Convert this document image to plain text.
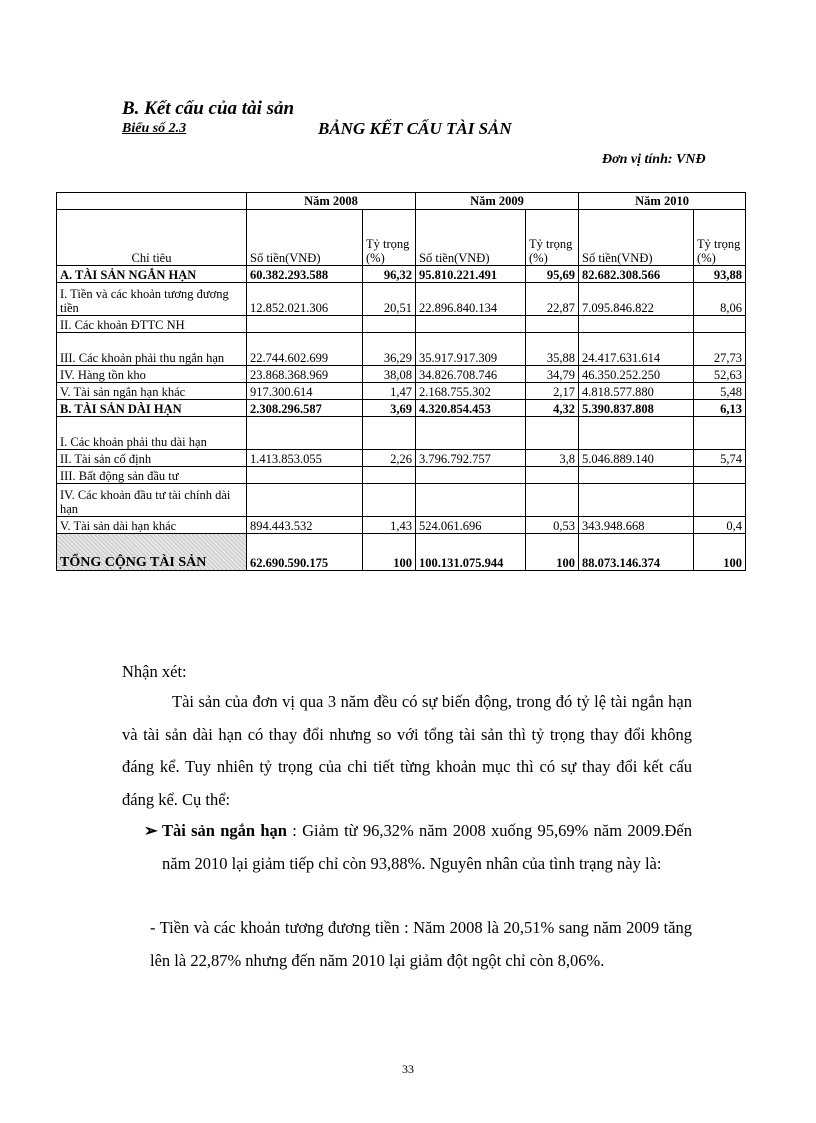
B. Kết cấu của tài sản
Biểu số 2.3	BẢNG KẾT CẤU TÀI SẢN
Đơn vị tính: VNĐ
	Năm 2008		Năm 2009		Năm 2010	
Chỉ tiêu	Số tiền(VNĐ)	Tỷ trọng (%)	Số tiền(VNĐ)	Tỷ trọng (%)	Số tiền(VNĐ)	Tỷ trọng (%)
A. TÀI SẢN NGẮN HẠN	60.382.293.588	96,32	95.810.221.491	95,69	82.682.308.566	93,88
I. Tiền và các khoản tương đương tiền	12.852.021.306	20,51	22.896.840.134	22,87	7.095.846.822	8,06
II. Các khoản ĐTTC NH						
III. Các khoản phải thu ngắn hạn	22.744.602.699	36,29	35.917.917.309	35,88	24.417.631.614	27,73
IV. Hàng tồn kho	23.868.368.969	38,08	34.826.708.746	34,79	46.350.252.250	52,63
V. Tài sản ngắn hạn khác	917.300.614	1,47	2.168.755.302	2,17	4.818.577.880	5,48
B. TÀI SẢN DÀI HẠN	2.308.296.587	3,69	4.320.854.453	4,32	5.390.837.808	6,13
I. Các khoản phải thu dài hạn						
II. Tài sản cố định	1.413.853.055	2,26	3.796.792.757	3,8	5.046.889.140	5,74
III. Bất động sản đầu tư						
IV. Các khoản đầu tư tài chính dài hạn						
V. Tài sản dài hạn khác	894.443.532	1,43	524.061.696	0,53	343.948.668	0,4
TỔNG CỘNG TÀI SẢN	62.690.590.175	100	100.131.075.944	100	88.073.146.374	100
Nhận xét:
Tài sản của đơn vị qua 3 năm đều có sự biến động, trong đó tỷ lệ tài ngắn hạn và tài sản dài hạn có thay đổi nhưng so với tổng tài sản thì tỷ trọng thay đổi không đáng kể. Tuy nhiên tỷ trọng của chi tiết từng khoản mục thì có sự thay đổi kết cấu đáng kể. Cụ thể:
➢ Tài sản ngắn hạn : Giảm từ 96,32% năm 2008 xuống 95,69% năm 2009.Đến năm 2010 lại giảm tiếp chỉ còn 93,88%. Nguyên nhân của tình trạng này là:
- Tiền và các khoản tương đương tiền : Năm 2008 là 20,51% sang năm 2009 tăng lên là 22,87% nhưng đến năm 2010 lại giảm đột ngột chỉ còn 8,06%.
33
